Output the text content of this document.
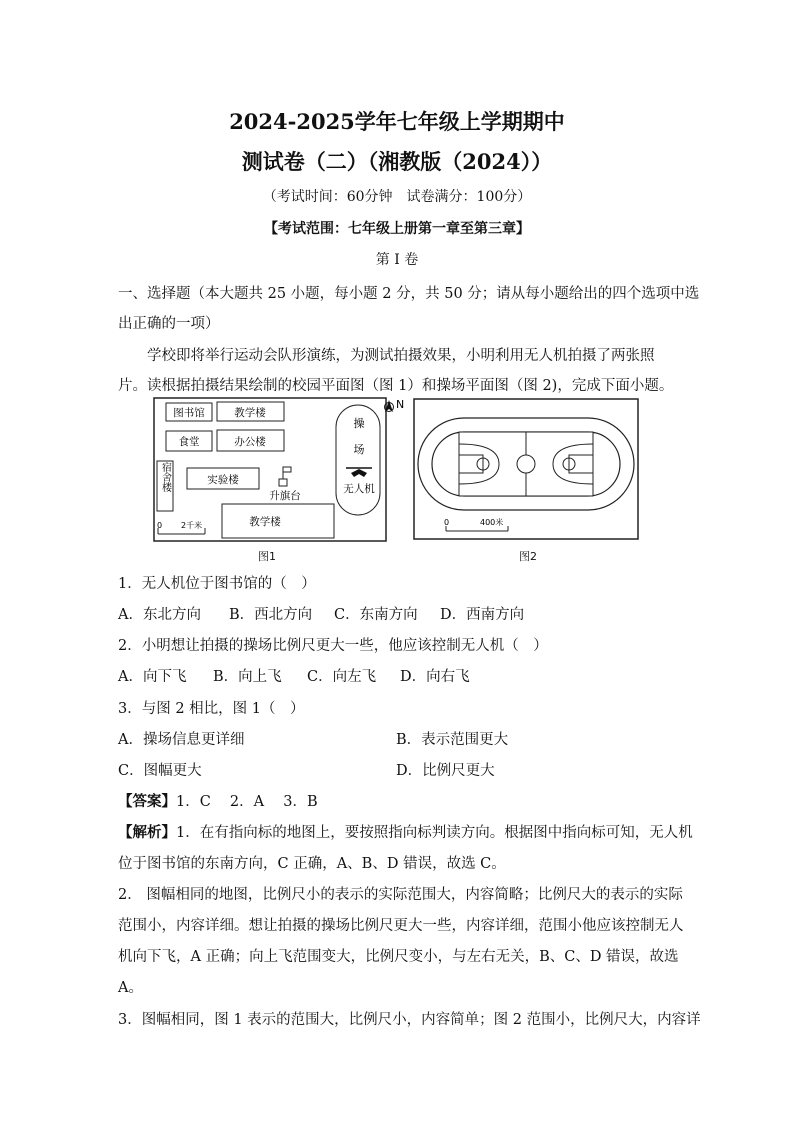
2024-2025学年七年级上学期期中
测试卷（二）（湘教版（2024））
（考试时间：60分钟　试卷满分：100分）
【考试范围：七年级上册第一章至第三章】
第 I 卷
一、选择题（本大题共 25 小题，每小题 2 分，共 50 分；请从每小题给出的四个选项中选
出正确的一项）
学校即将举行运动会队形演练，为测试拍摄效果，小明利用无人机拍摄了两张照
片。读根据拍摄结果绘制的校园平面图（图 1）和操场平面图（图 2)，完成下面小题。
图书馆	教学楼
食堂	办公楼
宿舍楼	实验楼
升旗台
教学楼
操
场
无人机
0 2千米
N
图1
0	400米
图2
1．无人机位于图书馆的（　）
A．东北方向 B．西北方向 C．东南方向 D．西南方向
2．小明想让拍摄的操场比例尺更大一些，他应该控制无人机（　）
A．向下飞 B．向上飞 C．向左飞 D．向右飞
3．与图 2 相比，图 1（　）
A．操场信息更详细	B．表示范围更大
C．图幅更大	D．比例尺更大
【答案】1．C　 2．A　 3．B
【解析】1．在有指向标的地图上，要按照指向标判读方向。根据图中指向标可知，无人机
位于图书馆的东南方向，C 正确，A、B、D 错误，故选 C。
2． 图幅相同的地图，比例尺小的表示的实际范围大，内容简略；比例尺大的表示的实际
范围小，内容详细。想让拍摄的操场比例尺更大一些，内容详细，范围小他应该控制无人
机向下飞，A 正确；向上飞范围变大，比例尺变小，与左右无关，B、C、D 错误，故选
A。
3．图幅相同，图 1 表示的范围大，比例尺小，内容简单；图 2 范围小，比例尺大，内容详
